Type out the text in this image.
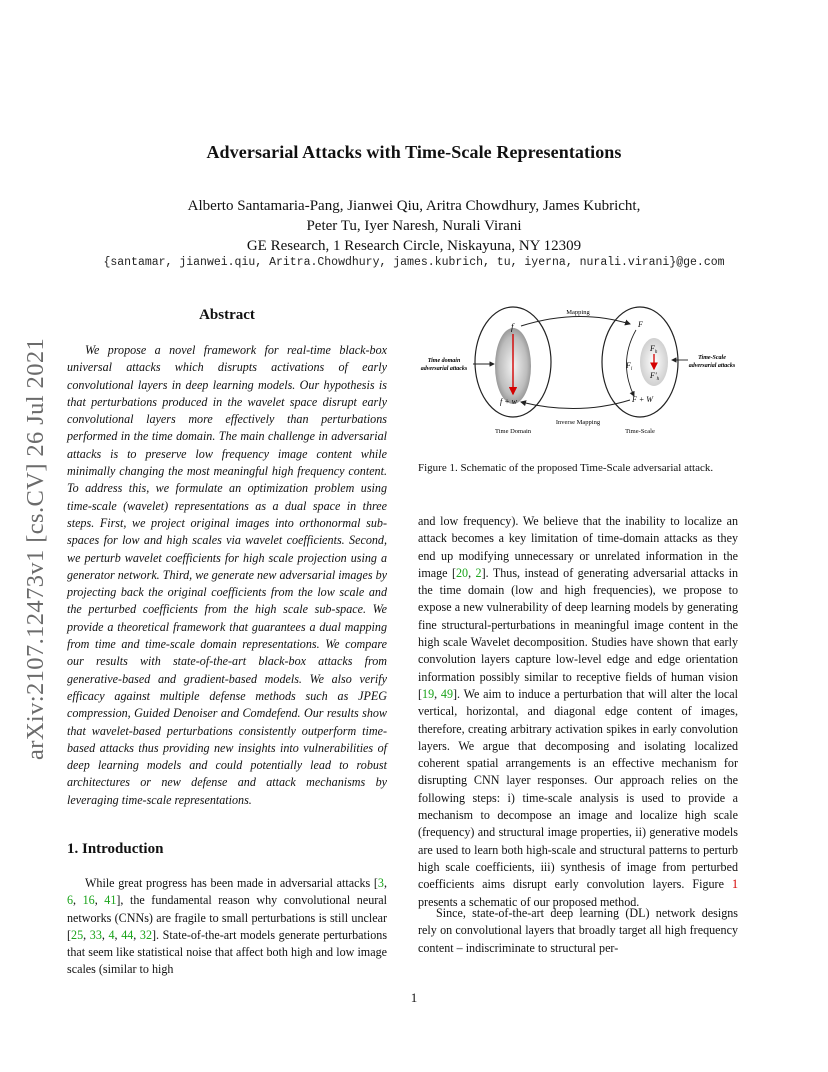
arXiv:2107.12473v1 [cs.CV] 26 Jul 2021
Adversarial Attacks with Time-Scale Representations
Alberto Santamaria-Pang, Jianwei Qiu, Aritra Chowdhury, James Kubricht,
Peter Tu, Iyer Naresh, Nurali Virani
GE Research, 1 Research Circle, Niskayuna, NY 12309
{santamar, jianwei.qiu, Aritra.Chowdhury, james.kubrich, tu, iyerna, nurali.virani}@ge.com
Abstract
We propose a novel framework for real-time black-box universal attacks which disrupts activations of early convolutional layers in deep learning models. Our hypothesis is that perturbations produced in the wavelet space disrupt early convolutional layers more effectively than perturbations performed in the time domain. The main challenge in adversarial attacks is to preserve low frequency image content while minimally changing the most meaningful high frequency content. To address this, we formulate an optimization problem using time-scale (wavelet) representations as a dual space in three steps. First, we project original images into orthonormal sub-spaces for low and high scales via wavelet coefficients. Second, we perturb wavelet coefficients for high scale projection using a generator network. Third, we generate new adversarial images by projecting back the original coefficients from the low scale and the perturbed coefficients from the high scale sub-space. We provide a theoretical framework that guarantees a dual mapping from time and time-scale domain representations. We compare our results with state-of-the-art black-box attacks from generative-based and gradient-based models. We also verify efficacy against multiple defense methods such as JPEG compression, Guided Denoiser and Comdefend. Our results show that wavelet-based perturbations consistently outperform time-based attacks thus providing new insights into vulnerabilities of deep learning models and could potentially lead to robust architectures or new defense and attack mechanisms by leveraging time-scale representations.
1. Introduction
While great progress has been made in adversarial attacks [3, 6, 16, 41], the fundamental reason why convolutional neural networks (CNNs) are fragile to small perturbations is still unclear [25, 33, 4, 44, 32]. State-of-the-art models generate perturbations that seem like statistical noise that affect both high and low image scales (similar to high
Mapping
Inverse Mapping
Time Domain	Time-Scale
Time domain
adversarial attacks
Time-Scale
adversarial attacks
f
f + w
F
$F_l$
$F_h$
$F'_h$
F + W
Figure 1. Schematic of the proposed Time-Scale adversarial attack.
and low frequency). We believe that the inability to localize an attack becomes a key limitation of time-domain attacks as they end up modifying unnecessary or unrelated information in the image [20, 2]. Thus, instead of generating adversarial attacks in the time domain (low and high frequencies), we propose to expose a new vulnerability of deep learning models by generating fine structural-perturbations in meaningful image content in the high scale Wavelet decomposition. Studies have shown that early convolution layers capture low-level edge and edge orientation information possibly similar to receptive fields of human vision [19, 49]. We aim to induce a perturbation that will alter the local vertical, horizontal, and diagonal edge content of images, therefore, creating arbitrary activation spikes in early convolution layers. We argue that decomposing and isolating localized coherent spatial arrangements is an effective mechanism for disrupting CNN layer responses. Our approach relies on the following steps: i) time-scale analysis is used to provide a mechanism to decompose an image and localize high scale (frequency) and structural image properties, ii) generative models are used to learn both high-scale and structural patterns to perturb high scale coefficients, iii) synthesis of image from perturbed coefficients aims disrupt early convolution layers. Figure 1 presents a schematic of our proposed method.
Since, state-of-the-art deep learning (DL) network designs rely on convolutional layers that broadly target all high frequency content – indiscriminate to structural per-
1
